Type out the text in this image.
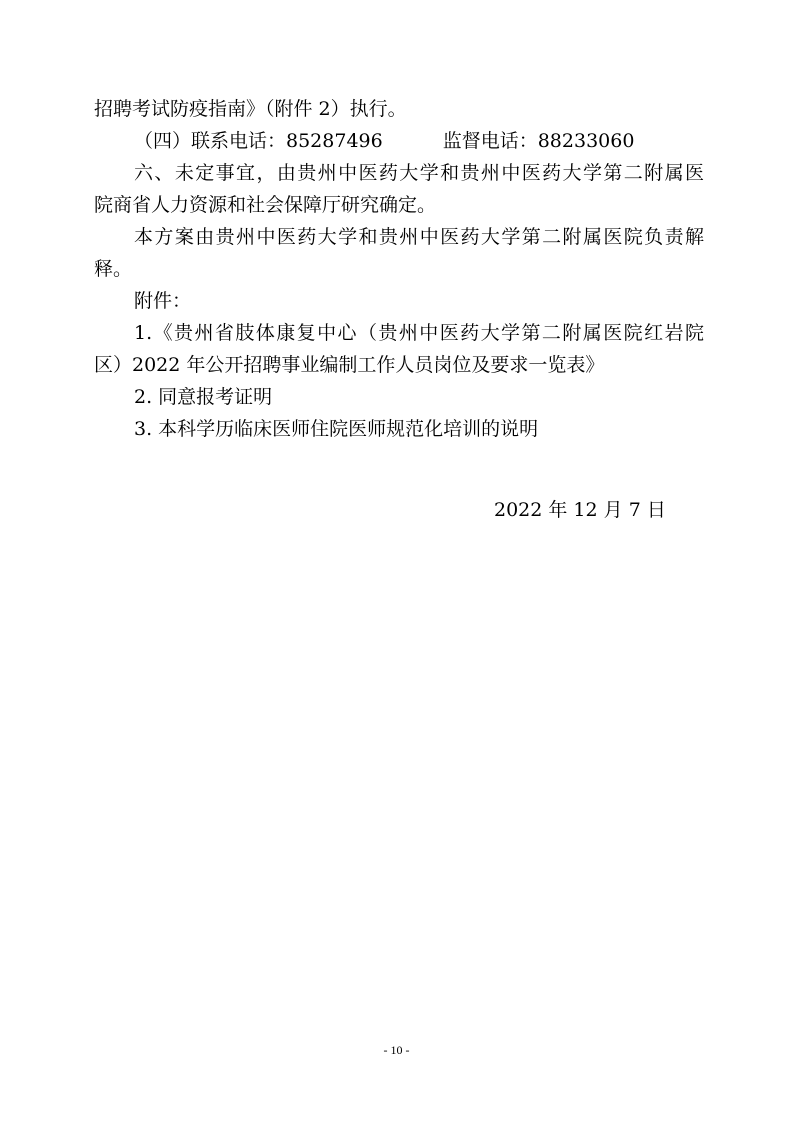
招聘考试防疫指南》（附件 2）执行。
（四）联系电话：85287496	监督电话：88233060
六、未定事宜，由贵州中医药大学和贵州中医药大学第二附属医
院商省人力资源和社会保障厅研究确定。
本方案由贵州中医药大学和贵州中医药大学第二附属医院负责解
释。
附件：
1.《贵州省肢体康复中心（贵州中医药大学第二附属医院红岩院
区）2022 年公开招聘事业编制工作人员岗位及要求一览表》
2. 同意报考证明
3. 本科学历临床医师住院医师规范化培训的说明
2022 年 12 月 7 日
- 10 -
